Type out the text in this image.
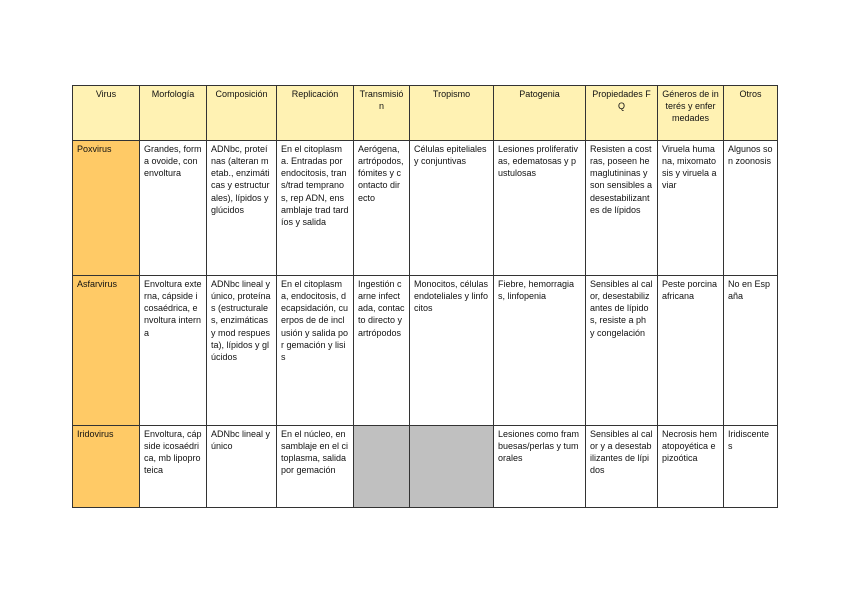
Virus	Morfología	Composición	Replicación	Transmisión	Tropismo	Patogenia	Propiedades FQ	Géneros de interés y enfermedades	Otros
Poxvirus	Grandes, forma ovoide, con envoltura	ADNbc, proteínas (alteran metab., enzimáticas y estructurales), lípidos y glúcidos	En el citoplasma. Entradas por endocitosis, trans/trad tempranos, rep ADN, ensamblaje trad tardíos y salida	Aerógena, artrópodos, fómites y contacto directo	Células epiteliales y conjuntivas	Lesiones proliferativas, edematosas y pustulosas	Resisten a costras, poseen hemaglutininas y son sensibles a desestabilizantes de lípidos	Viruela humana, mixomatosis y viruela aviar	Algunos son zoonosis
Asfarvirus	Envoltura externa, cápside icosaédrica, envoltura interna	ADNbc lineal y único, proteínas (estructurales, enzimáticas y mod respuesta), lípidos y glúcidos	En el citoplasma, endocitosis, decapsidación, cuerpos de de inclusión y salida por gemación y lisis	Ingestión carne infectada, contacto directo y artrópodos	Monocitos, células endoteliales y linfocitos	Fiebre, hemorragias, linfopenia	Sensibles al calor, desestabilizantes de lípidos, resiste a ph y congelación	Peste porcina africana	No en España
Iridovirus	Envoltura, cápside icosaédrica, mb lipoproteica	ADNbc lineal y único	En el núcleo, ensamblaje en el citoplasma, salida por gemación			Lesiones como frambuesas/perlas y tumorales	Sensibles al calor y a desestabilizantes de lípidos	Necrosis hematopoyética epizoótica	Iridiscentes
